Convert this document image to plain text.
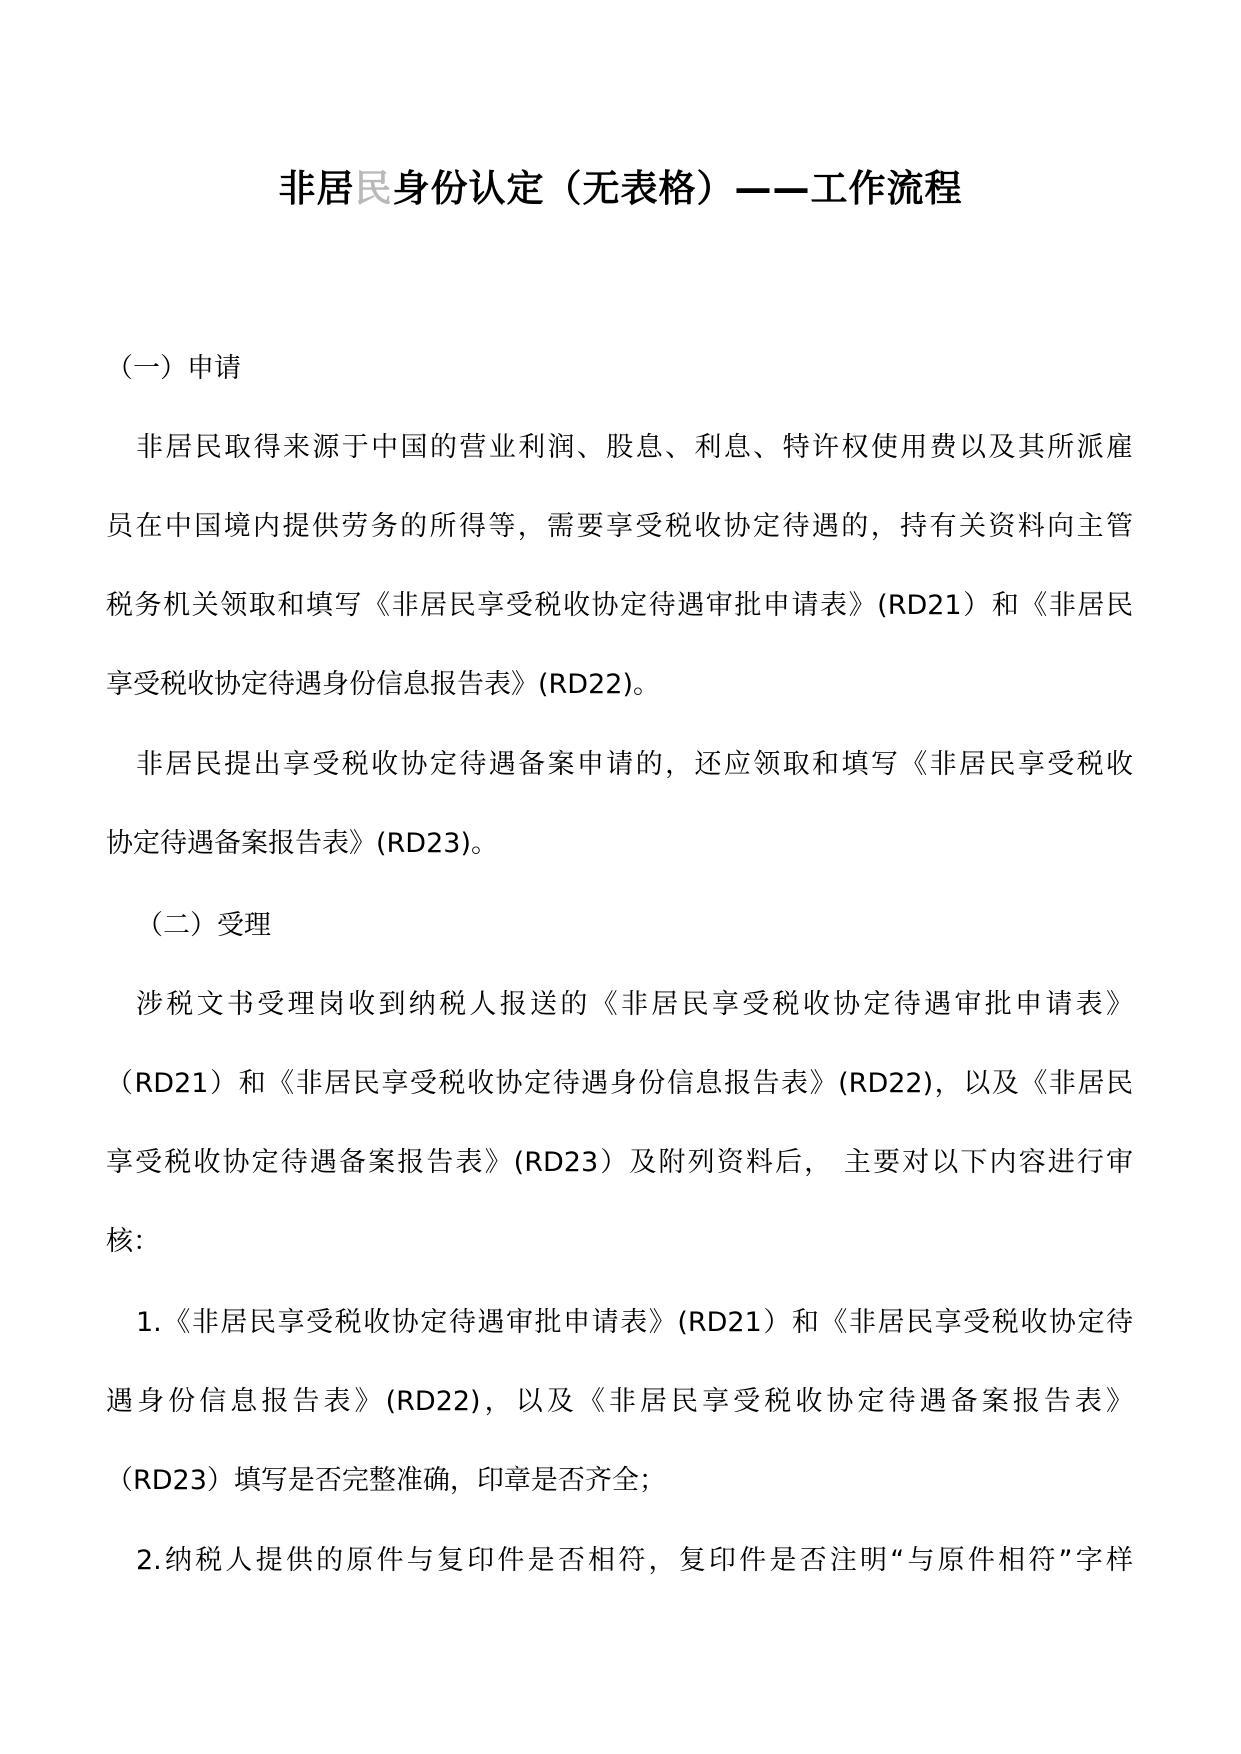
非居民身份认定（无表格）——工作流程
（一）申请
非居民取得来源于中国的营业利润、股息、利息、特许权使用费以及其所派雇
员在中国境内提供劳务的所得等，需要享受税收协定待遇的，持有关资料向主管
税务机关领取和填写《非居民享受税收协定待遇审批申请表》(RD21）和《非居民
享受税收协定待遇身份信息报告表》(RD22)。
非居民提出享受税收协定待遇备案申请的，还应领取和填写《非居民享受税收
协定待遇备案报告表》(RD23)。
（二）受理
涉税文书受理岗收到纳税人报送的《非居民享受税收协定待遇审批申请表》
（RD21）和《非居民享受税收协定待遇身份信息报告表》(RD22)，以及《非居民
享受税收协定待遇备案报告表》(RD23）及附列资料后， 主要对以下内容进行审
核：
1.《非居民享受税收协定待遇审批申请表》(RD21）和《非居民享受税收协定待
遇身份信息报告表》(RD22)，以及《非居民享受税收协定待遇备案报告表》
（RD23）填写是否完整准确，印章是否齐全；
2.纳税人提供的原件与复印件是否相符，复印件是否注明“与原件相符”字样
